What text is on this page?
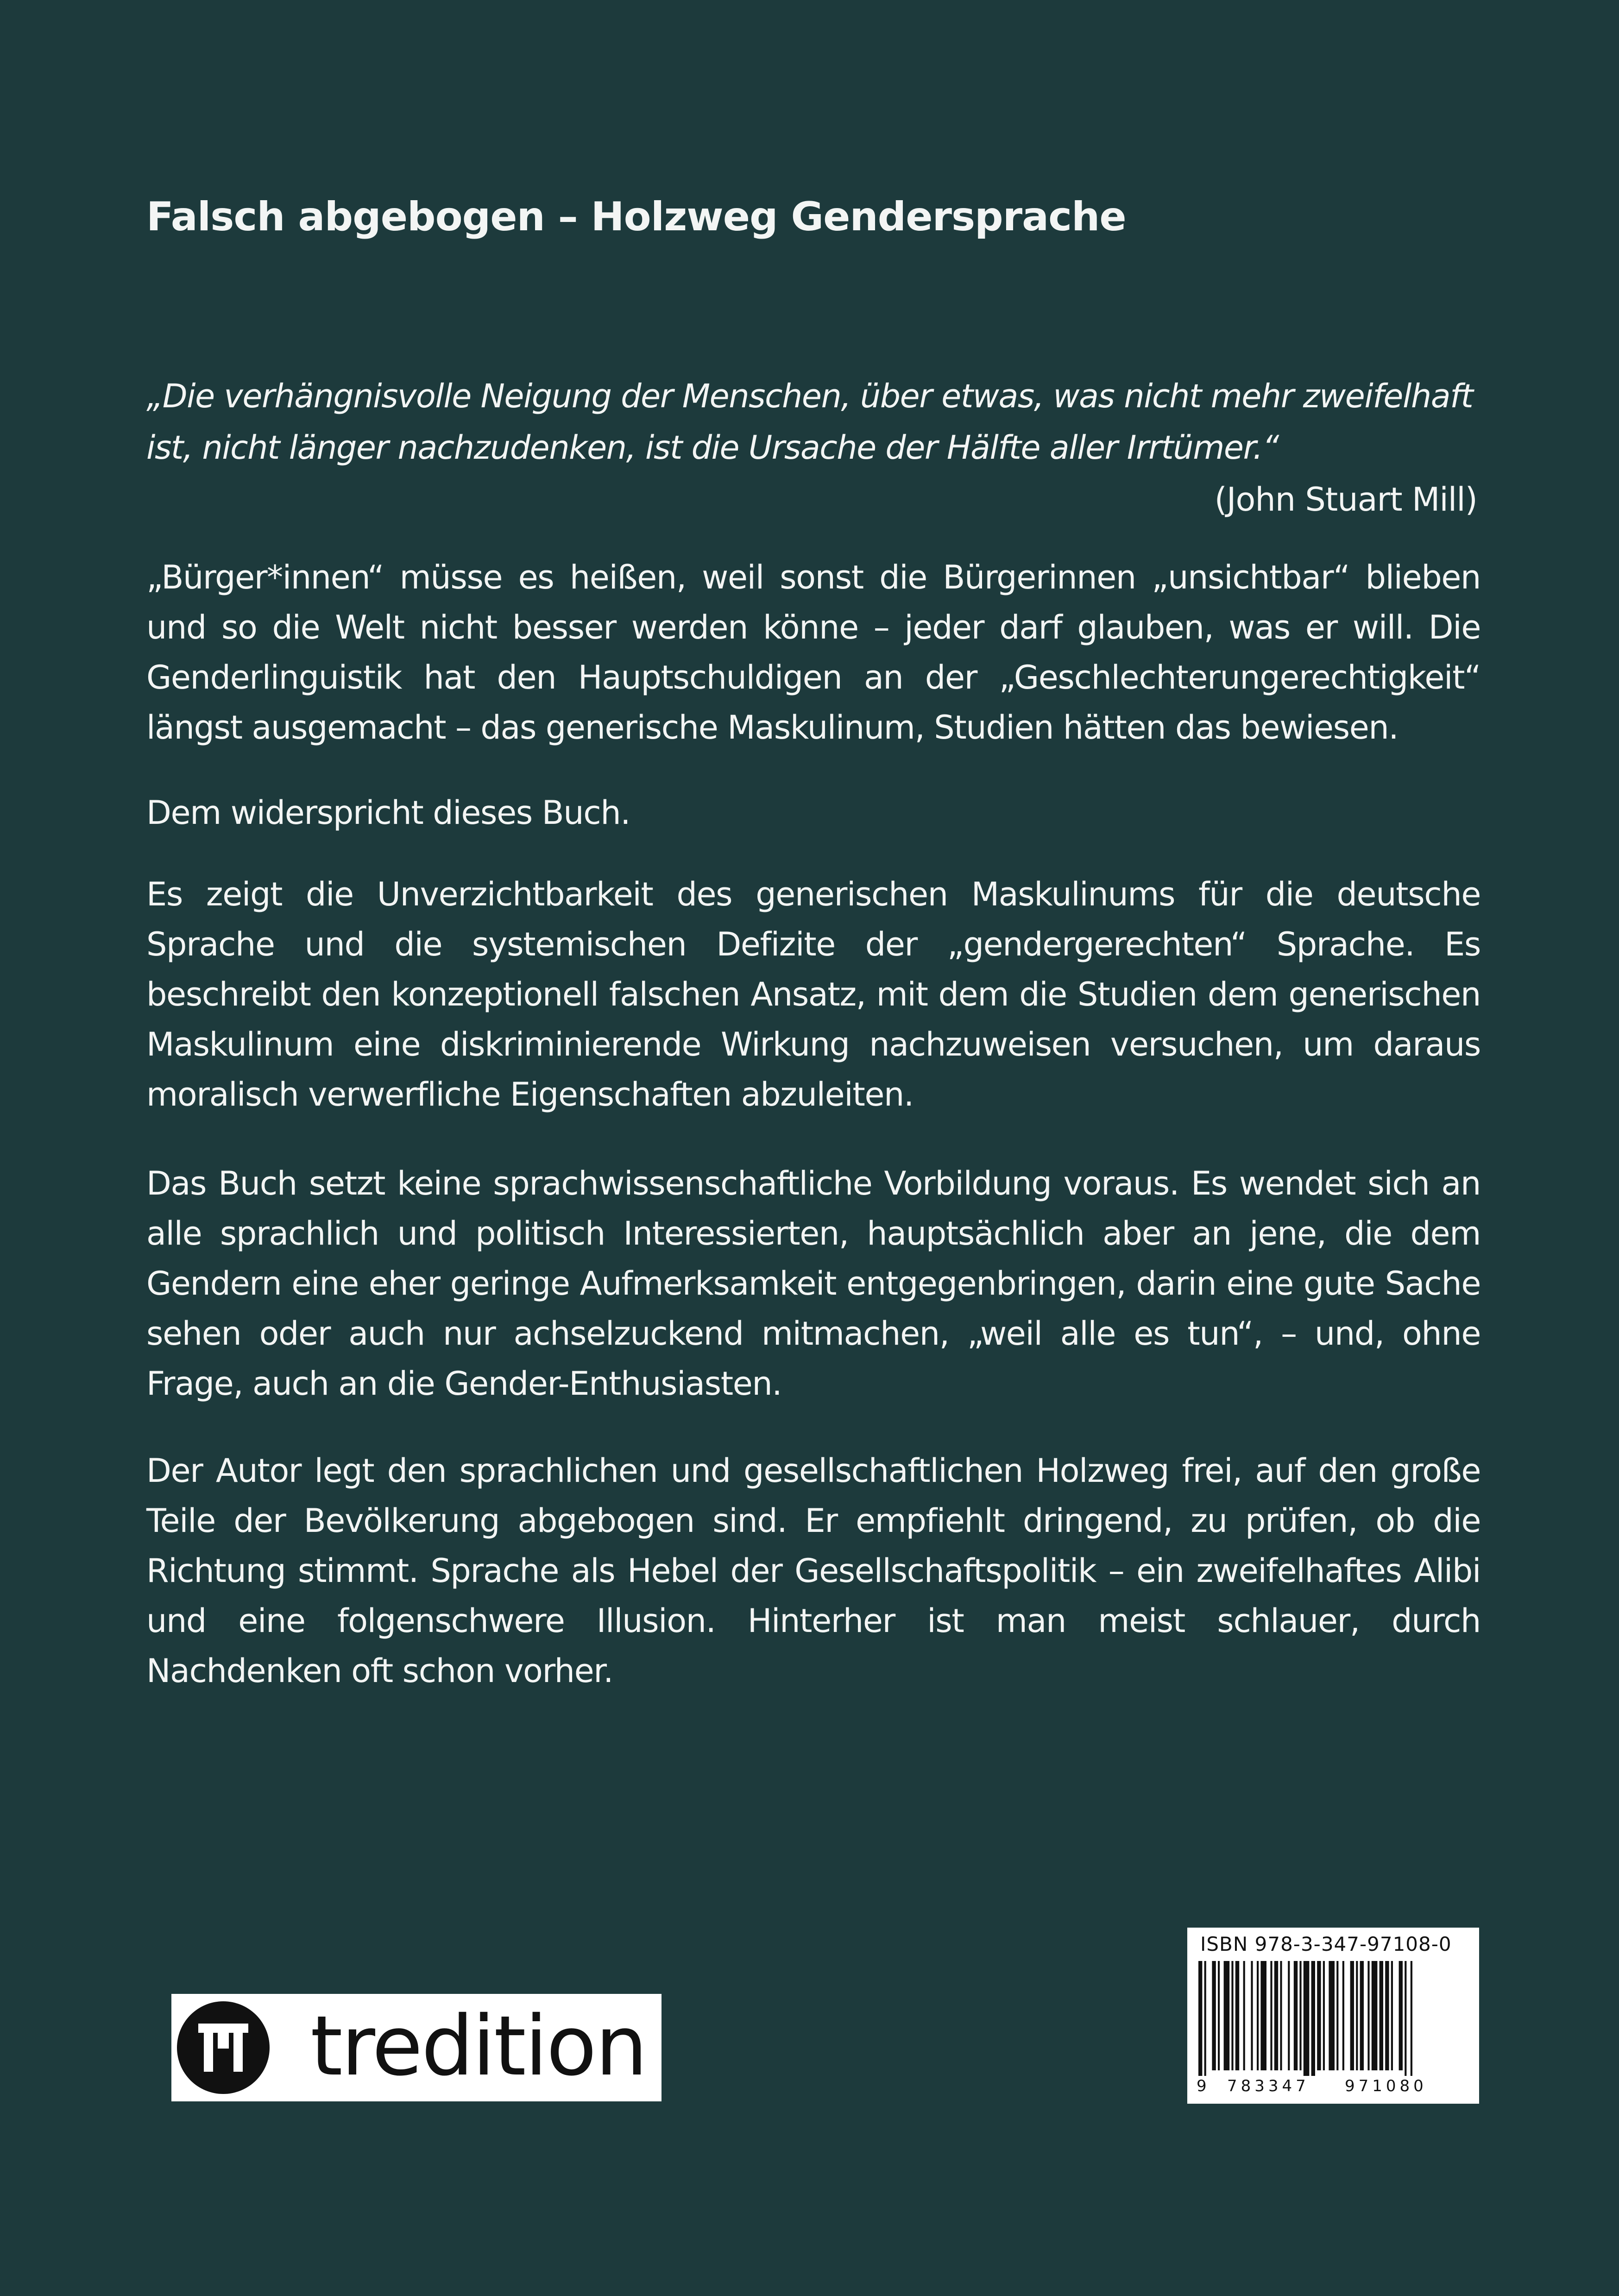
Falsch abgebogen – Holzweg Gendersprache

„Die verhängnisvolle Neigung der Menschen, über etwas, was nicht mehr zweifelhaft ist, nicht länger nachzudenken, ist die Ursache der Hälfte aller Irrtümer.“

(John Stuart Mill)

„Bürger*innen“ müsse es heißen, weil sonst die Bürgerinnen „unsichtbar“ blieben und so die Welt nicht besser werden könne – jeder darf glauben, was er will. Die Genderlinguistik hat den Hauptschuldigen an der „Geschlechterungerechtigkeit“ längst ausgemacht – das generische Maskulinum, Studien hätten das bewiesen.

Dem widerspricht dieses Buch.

Es zeigt die Unverzichtbarkeit des generischen Maskulinums für die deutsche Sprache und die systemischen Defizite der „gendergerechten“ Sprache. Es beschreibt den konzeptionell falschen Ansatz, mit dem die Studien dem generischen Maskulinum eine diskriminierende Wirkung nachzuweisen versuchen, um daraus moralisch verwerfliche Eigenschaften abzuleiten.

Das Buch setzt keine sprachwissenschaftliche Vorbildung voraus. Es wendet sich an alle sprachlich und politisch Interessierten, hauptsächlich aber an jene, die dem Gendern eine eher geringe Aufmerksamkeit entgegenbringen, darin eine gute Sache sehen oder auch nur achselzuckend mitmachen, „weil alle es tun“, – und, ohne Frage, auch an die Gender-Enthusiasten.

Der Autor legt den sprachlichen und gesellschaftlichen Holzweg frei, auf den große Teile der Bevölkerung abgebogen sind. Er empfiehlt dringend, zu prüfen, ob die Richtung stimmt. Sprache als Hebel der Gesellschaftspolitik – ein zweifelhaftes Alibi und eine folgenschwere Illusion. Hinterher ist man meist schlauer, durch Nachdenken oft schon vorher.

tredition
ISBN 978-3-347-97108-0
9 783347 971080
